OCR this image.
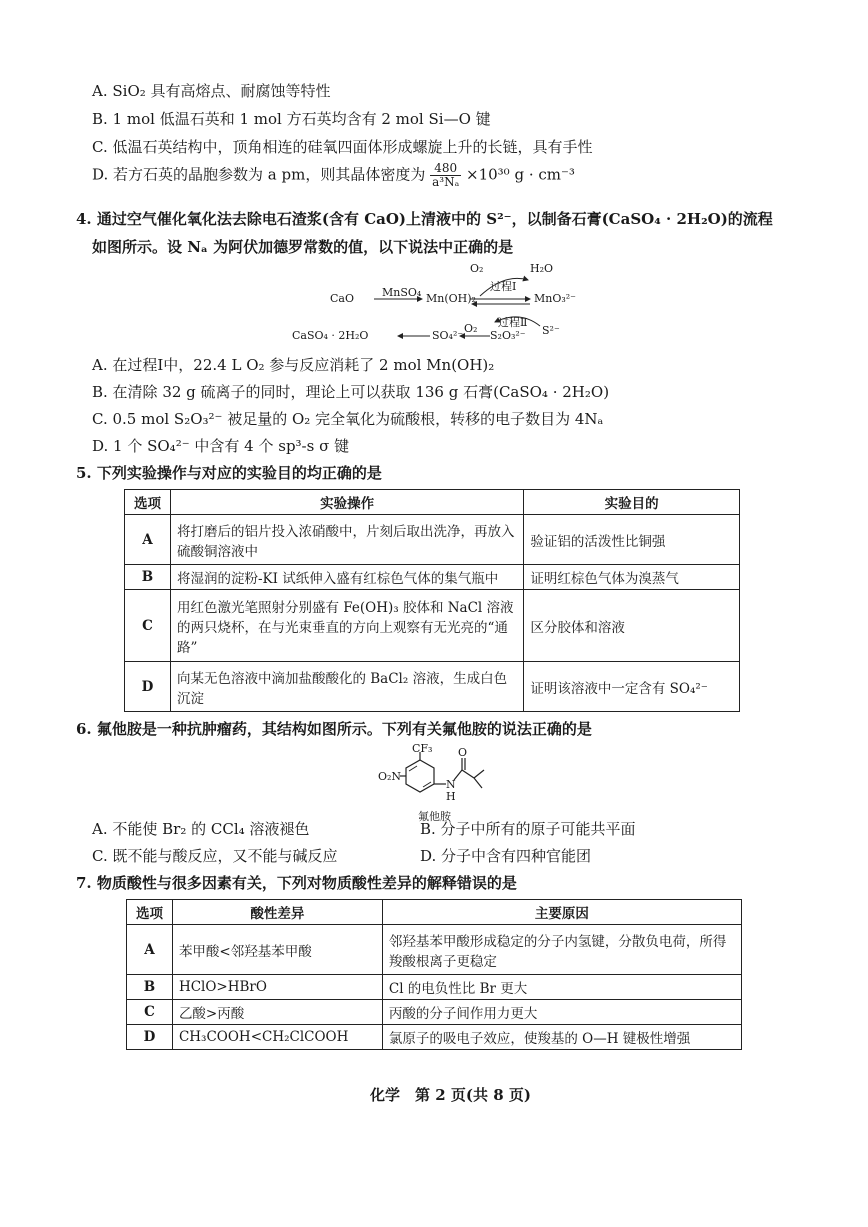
A. SiO₂ 具有高熔点、耐腐蚀等特性
B. 1 mol 低温石英和 1 mol 方石英均含有 2 mol Si—O 键
C. 低温石英结构中，顶角相连的硅氧四面体形成螺旋上升的长链，具有手性
D. 若方石英的晶胞参数为 a pm，则其晶体密度为 $\frac{480}{\text{a³Nₐ}} \times 10^{30}$ g · cm⁻³
4. 通过空气催化氧化法去除电石渣浆(含有 CaO)上清液中的 S²⁻，以制备石膏(CaSO₄ · 2H₂O)的流程
如图所示。设 Nₐ 为阿伏加德罗常数的值，以下说法中正确的是
O₂	H₂O
过程Ⅰ
CaO	MnSO₄ Mn(OH)₂	MnO₃²⁻
过程Ⅱ
S²⁻
O₂
S₂O₃²⁻
SO₄²⁻
CaSO₄ · 2H₂O
A. 在过程Ⅰ中，22.4 L O₂ 参与反应消耗了 2 mol Mn(OH)₂
B. 在清除 32 g 硫离子的同时，理论上可以获取 136 g 石膏(CaSO₄ · 2H₂O)
C. 0.5 mol S₂O₃²⁻ 被足量的 O₂ 完全氧化为硫酸根，转移的电子数目为 4Nₐ
D. 1 个 SO₄²⁻ 中含有 4 个 sp³-s σ 键
5. 下列实验操作与对应的实验目的均正确的是
选项	实验操作	实验目的
A	将打磨后的铝片投入浓硝酸中，片刻后取出洗净，再放入硫酸铜溶液中	验证铝的活泼性比铜强
B	将湿润的淀粉-KI 试纸伸入盛有红棕色气体的集气瓶中	证明红棕色气体为溴蒸气
C	用红色激光笔照射分别盛有 Fe(OH)₃ 胶体和 NaCl 溶液的两只烧杯，在与光束垂直的方向上观察有无光亮的“通路”	区分胶体和溶液
D	向某无色溶液中滴加盐酸酸化的 BaCl₂ 溶液，生成白色沉淀	证明该溶液中一定含有 SO₄²⁻
6. 氟他胺是一种抗肿瘤药，其结构如图所示。下列有关氟他胺的说法正确的是
CF₃
O₂N
N
H
O
氟他胺
A. 不能使 Br₂ 的 CCl₄ 溶液褪色	B. 分子中所有的原子可能共平面
C. 既不能与酸反应，又不能与碱反应	D. 分子中含有四种官能团
7. 物质酸性与很多因素有关，下列对物质酸性差异的解释错误的是
选项	酸性差异	主要原因
A	苯甲酸<邻羟基苯甲酸	邻羟基苯甲酸形成稳定的分子内氢键，分散负电荷，所得羧酸根离子更稳定
B	HClO>HBrO	Cl 的电负性比 Br 更大
C	乙酸>丙酸	丙酸的分子间作用力更大
D	CH₃COOH<CH₂ClCOOH	氯原子的吸电子效应，使羧基的 O—H 键极性增强
化学　第 2 页(共 8 页)
